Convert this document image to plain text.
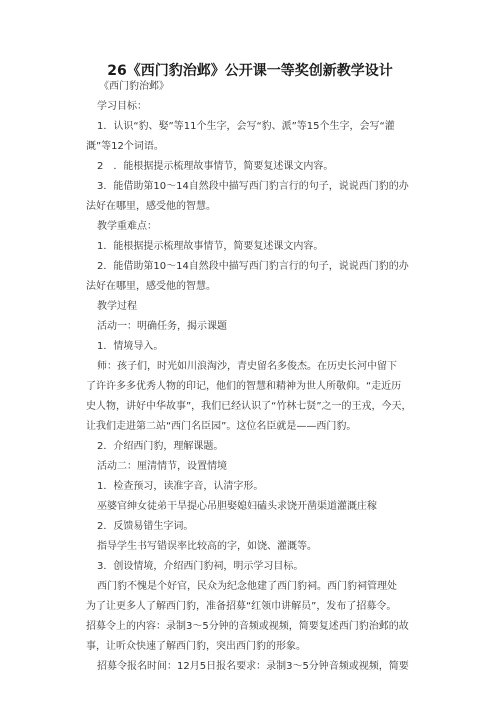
26《西门豹治邺》公开课一等奖创新教学设计
《西门豹治邺》
学习目标：
1．认识“豹、娶”等11个生字，会写“豹、派”等15个生字，会写“灌
溉”等12个词语。
2　．能根据提示梳理故事情节，简要复述课文内容。
3．能借助第10～14自然段中描写西门豹言行的句子，说说西门豹的办
法好在哪里，感受他的智慧。
教学重难点：
1．能根据提示梳理故事情节，简要复述课文内容。
2．能借助第10～14自然段中描写西门豹言行的句子，说说西门豹的办
法好在哪里，感受他的智慧。
教学过程
活动一：明确任务，揭示课题
1．情境导入。
师：孩子们，时光如川浪淘沙，青史留名多俊杰。在历史长河中留下
了许许多多优秀人物的印记，他们的智慧和精神为世人所敬仰。“走近历
史人物，讲好中华故事”，我们已经认识了“竹林七贤”之一的王戎，今天，
让我们走进第二站“西门名臣园”。这位名臣就是——西门豹。
2．介绍西门豹，理解课题。
活动二：厘清情节，设置情境
1．检查预习，读准字音，认清字形。
巫婆官绅女徒弟干旱提心吊胆娶媳妇磕头求饶开凿渠道灌溉庄稼
2．反馈易错生字词。
指导学生书写错误率比较高的字，如饶、灌溉等。
3．创设情境，介绍西门豹祠，明示学习目标。
西门豹不愧是个好官，民众为纪念他建了西门豹祠。西门豹祠管理处
为了让更多人了解西门豹，准备招募“红领巾讲解员”，发布了招募令。
招募令上的内容：录制3～5分钟的音频或视频，简要复述西门豹治邺的故
事，让听众快速了解西门豹，突出西门豹的形象。
招募令报名时间：12月5日报名要求：录制3～5分钟音频或视频，简要
